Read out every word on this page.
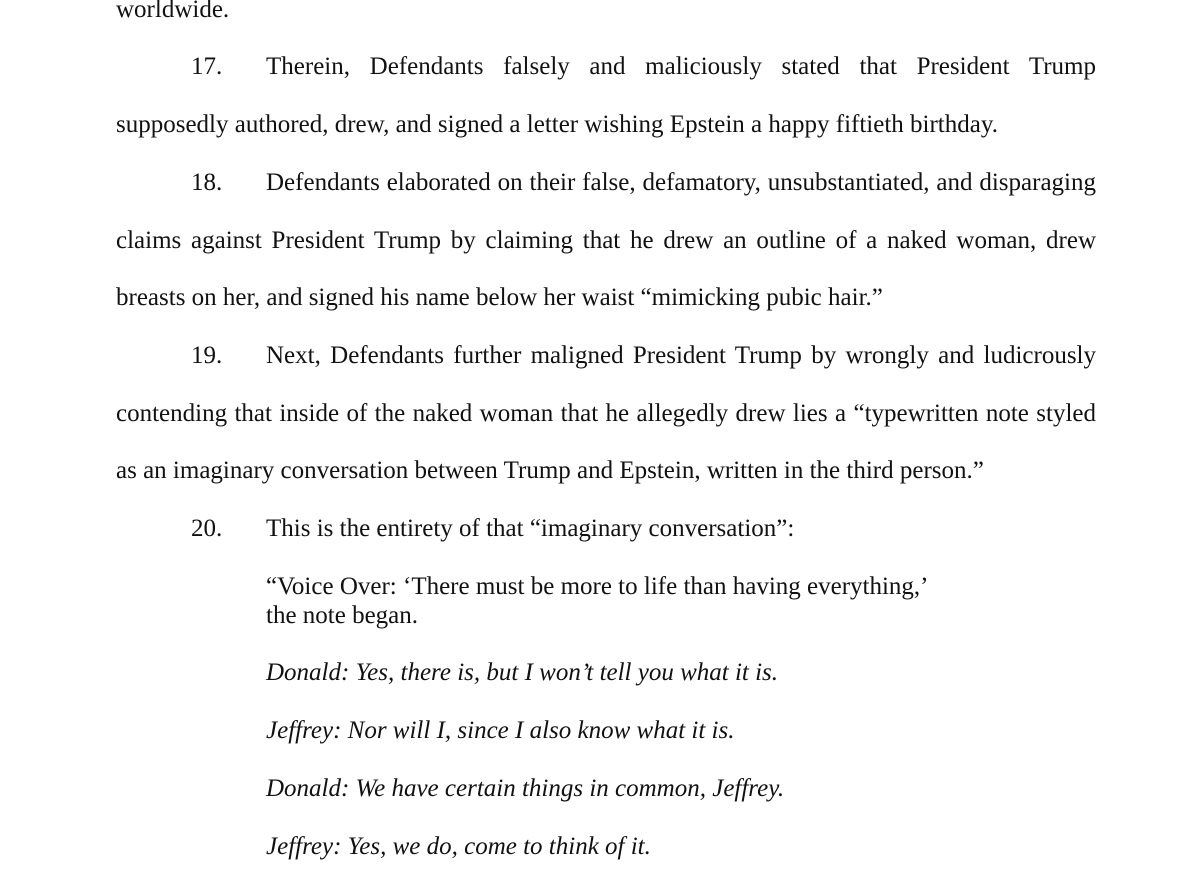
worldwide.
17.	Therein, Defendants falsely and maliciously stated that President Trump
supposedly authored, drew, and signed a letter wishing Epstein a happy fiftieth birthday.
18.	Defendants elaborated on their false, defamatory, unsubstantiated, and disparaging
claims against President Trump by claiming that he drew an outline of a naked woman, drew
breasts on her, and signed his name below her waist “mimicking pubic hair.”
19.	Next, Defendants further maligned President Trump by wrongly and ludicrously
contending that inside of the naked woman that he allegedly drew lies a “typewritten note styled
as an imaginary conversation between Trump and Epstein, written in the third person.”
20.	This is the entirety of that “imaginary conversation”:
“Voice Over: ‘There must be more to life than having everything,’
the note began.
Donald: Yes, there is, but I won’t tell you what it is.
Jeffrey: Nor will I, since I also know what it is.
Donald: We have certain things in common, Jeffrey.
Jeffrey: Yes, we do, come to think of it.
